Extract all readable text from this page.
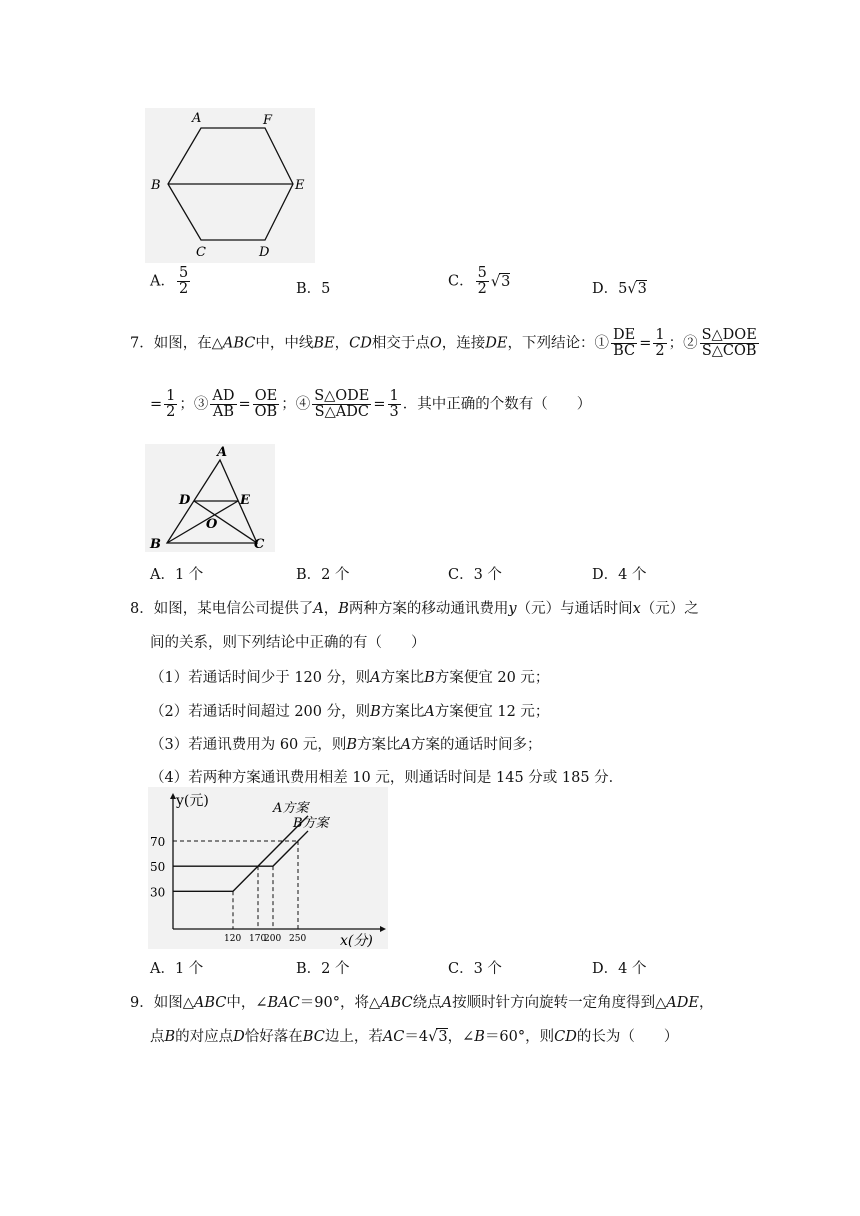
A	F
B	E
C	D
A． $\frac{5}{2}$	B．5	C． $\frac{5}{2} √3$	D．5√3
7．如图，在△ABC中，中线BE，CD相交于点O，连接DE，下列结论：① $\frac{DE}{BC} = \frac{1}{2}$ ；② $\frac{\text{S△DOE}}{\text{S△COB}}$
= $\frac{1}{2}$ ；③ $\frac{AD}{AB} = \frac{OE}{OB}$ ；④ $\frac{\text{S△ODE}}{\text{S△ADC}} = \frac{1}{3}$ ．其中正确的个数有（　　）
A
D	E
O
B	C
A．1 个	B．2 个	C．3 个	D．4 个
8．如图，某电信公司提供了A，B两种方案的移动通讯费用y（元）与通话时间x（元）之
间的关系，则下列结论中正确的有（　　）
（1）若通话时间少于 120 分，则A方案比B方案便宜 20 元；
（2）若通话时间超过 200 分，则B方案比A方案便宜 12 元；
（3）若通讯费用为 60 元，则B方案比A方案的通话时间多；
（4）若两种方案通讯费用相差 10 元，则通话时间是 145 分或 185 分．
y(元)
x(分)
30
50
70
120 170
200 250
A方案
B方案
A．1 个	B．2 个	C．3 个	D．4 个
9．如图△ABC中，∠BAC＝90°，将△ABC绕点A按顺时针方向旋转一定角度得到△ADE，
点B的对应点D恰好落在BC边上，若AC＝4√3，∠B＝60°，则CD的长为（　　）
